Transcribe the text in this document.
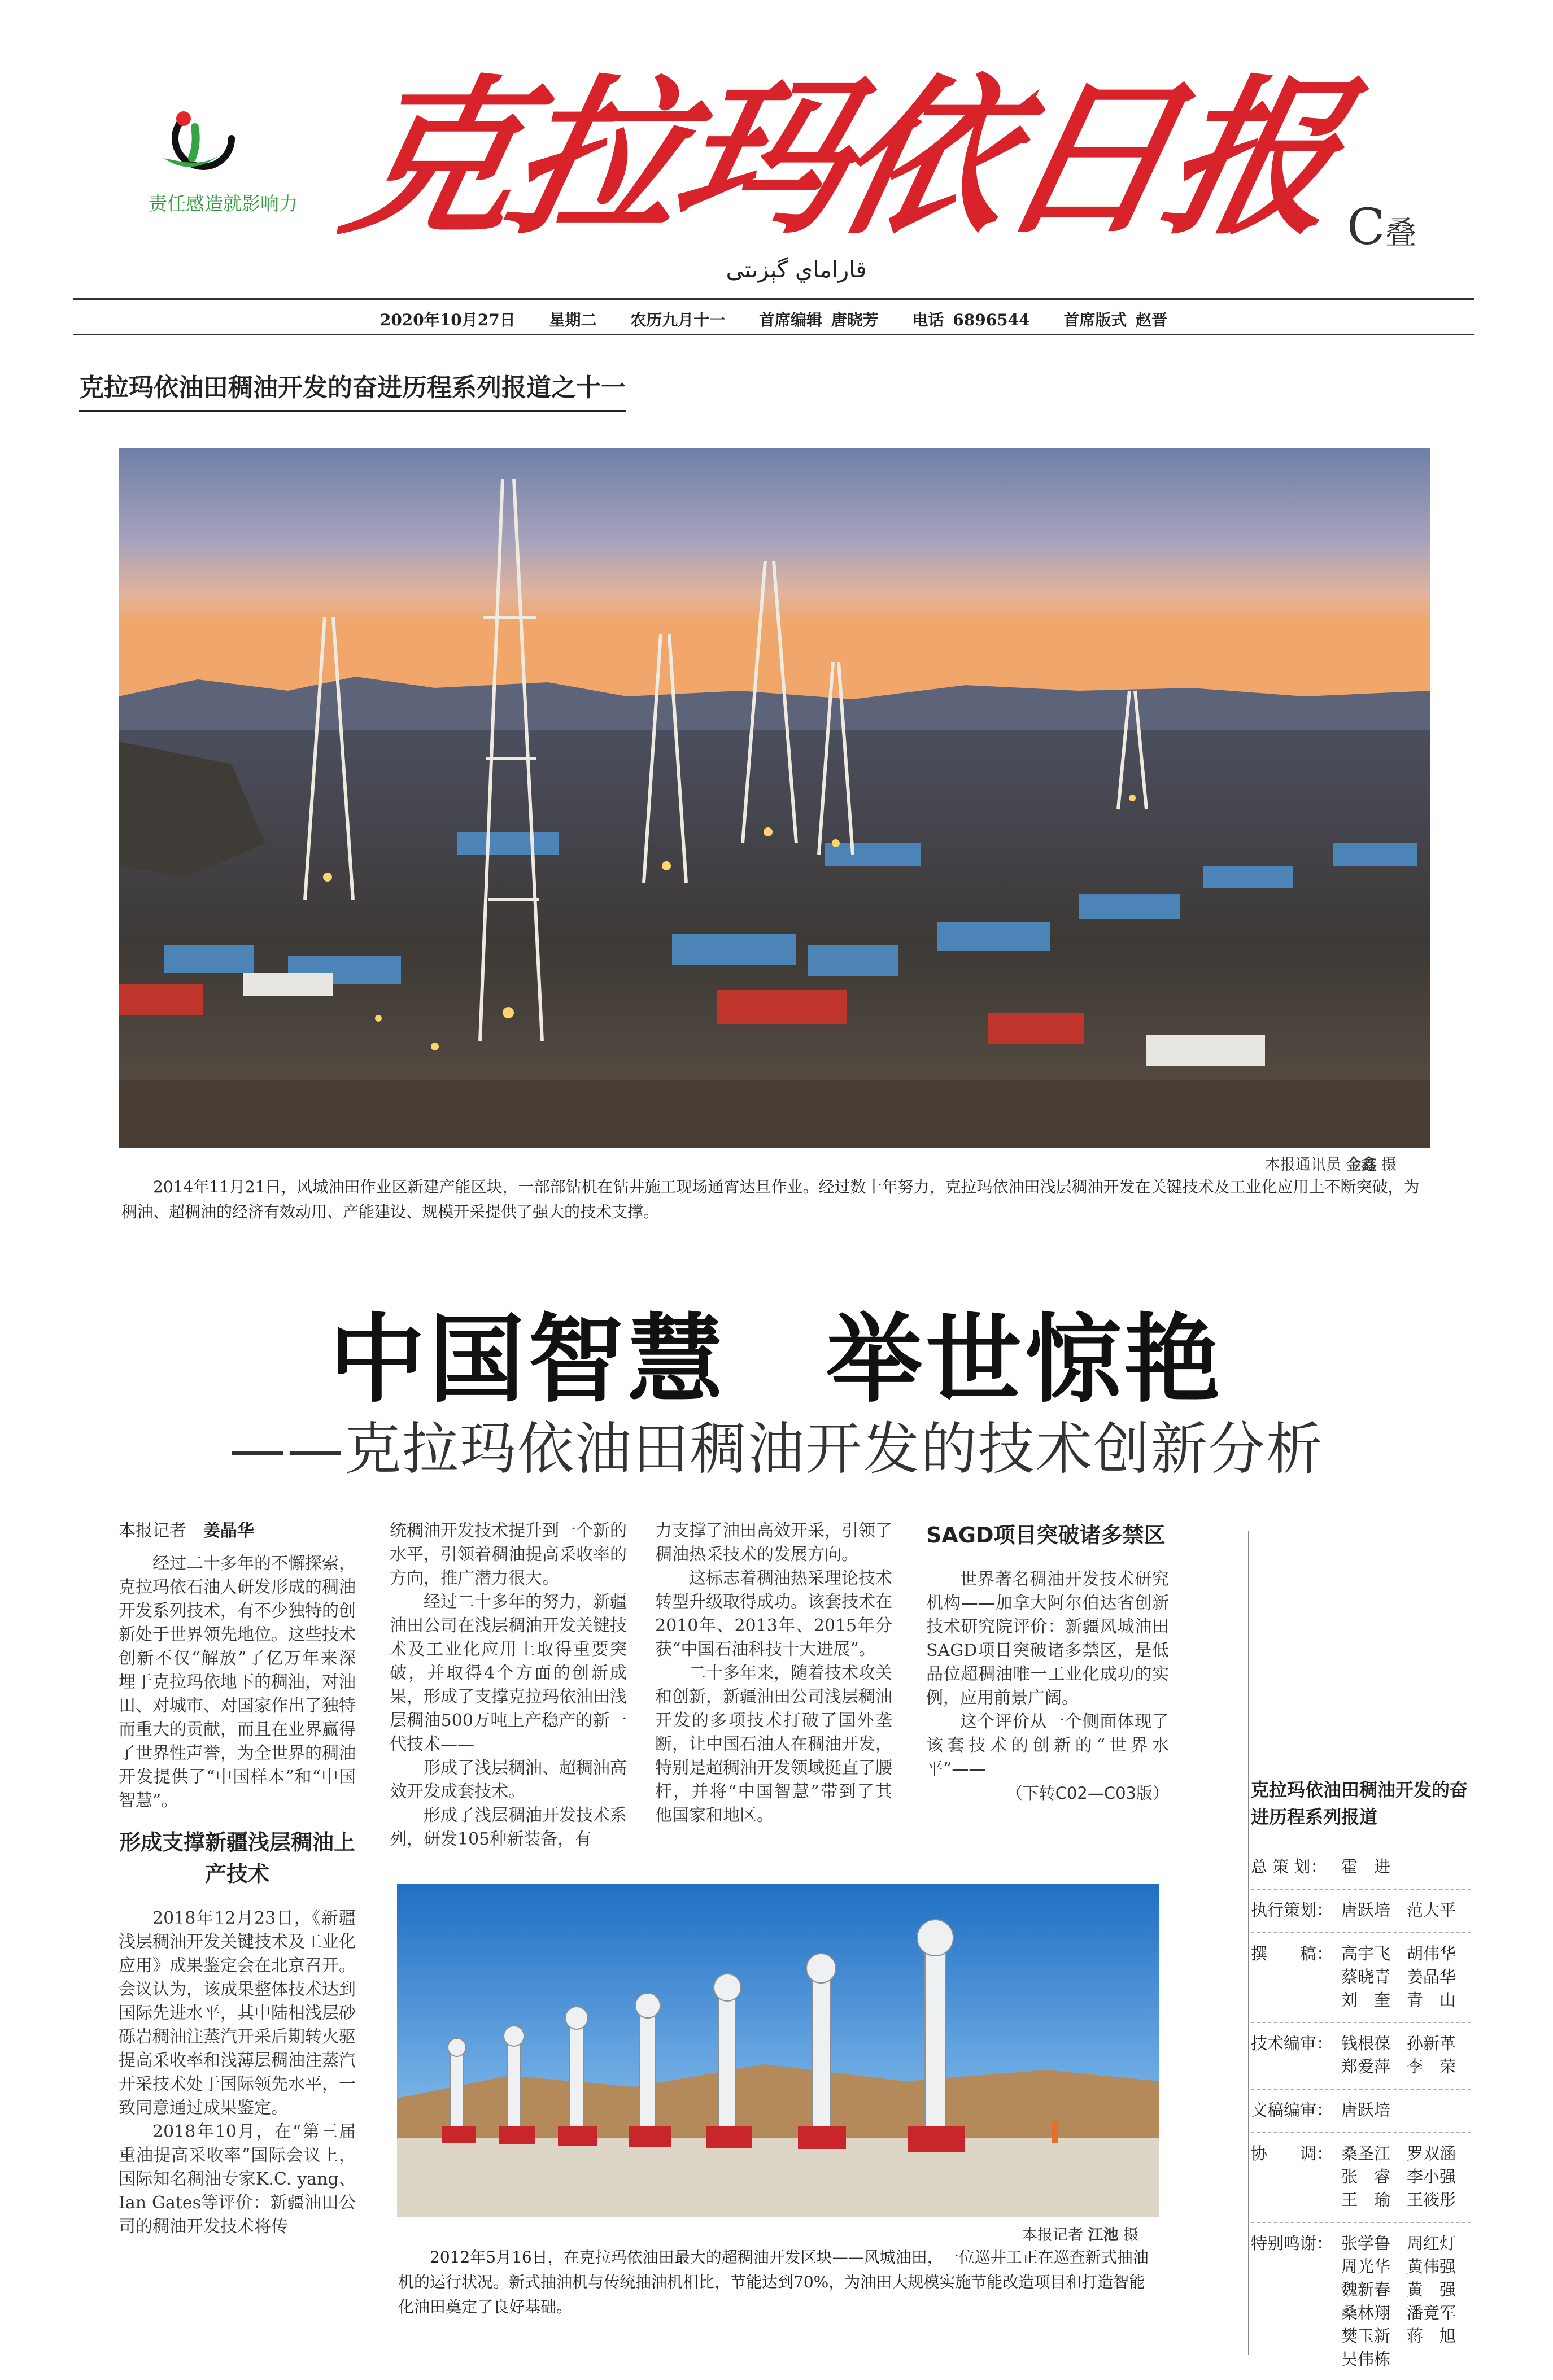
责任感造就影响力 克拉玛依日报
قاراماي گېزىتى
C叠
2020年10月27日 星期二 农历九月十一 首席编辑 唐晓芳 电话 6896544 首席版式 赵晋
克拉玛依油田稠油开发的奋进历程系列报道之十一
本报通讯员 金鑫 摄
2014年11月21日，风城油田作业区新建产能区块，一部部钻机在钻井施工现场通宵达旦作业。经过数十年努力，克拉玛依油田浅层稠油开发在关键技术及工业化应用上不断突破，为稠油、超稠油的经济有效动用、产能建设、规模开采提供了强大的技术支撑。
中国智慧　举世惊艳
——克拉玛依油田稠油开发的技术创新分析
本报记者　 姜晶华

经过二十多年的不懈探索，克拉玛依石油人研发形成的稠油开发系列技术，有不少独特的创新处于世界领先地位。这些技术创新不仅“解放”了亿万年来深埋于克拉玛依地下的稠油，对油田、对城市、对国家作出了独特而重大的贡献，而且在业界赢得了世界性声誉，为全世界的稠油开发提供了“中国样本”和“中国智慧”。

形成支撑新疆浅层稠油上产技术

2018年12月23日，《新疆浅层稠油开发关键技术及工业化应用》成果鉴定会在北京召开。会议认为，该成果整体技术达到国际先进水平，其中陆相浅层砂砾岩稠油注蒸汽开采后期转火驱提高采收率和浅薄层稠油注蒸汽开采技术处于国际领先水平，一致同意通过成果鉴定。

2018年10月，在“第三届重油提高采收率”国际会议上，国际知名稠油专家K.C. yang、Ian Gates等评价：新疆油田公司的稠油开发技术将传

统稠油开发技术提升到一个新的水平，引领着稠油提高采收率的方向，推广潜力很大。

经过二十多年的努力，新疆油田公司在浅层稠油开发关键技术及工业化应用上取得重要突破，并取得4个方面的创新成果，形成了支撑克拉玛依油田浅层稠油500万吨上产稳产的新一代技术——

形成了浅层稠油、超稠油高效开发成套技术。

形成了浅层稠油开发技术系列，研发105种新装备，有

力支撑了油田高效开采，引领了稠油热采技术的发展方向。

这标志着稠油热采理论技术转型升级取得成功。该套技术在2010年、2013年、2015年分获“中国石油科技十大进展”。

二十多年来，随着技术攻关和创新，新疆油田公司浅层稠油开发的多项技术打破了国外垄断，让中国石油人在稠油开发，特别是超稠油开发领域挺直了腰杆，并将“中国智慧”带到了其他国家和地区。

SAGD项目突破诸多禁区

世界著名稠油开发技术研究机构——加拿大阿尔伯达省创新技术研究院评价：新疆风城油田SAGD项目突破诸多禁区，是低品位超稠油唯一工业化成功的实例，应用前景广阔。

这个评价从一个侧面体现了该套技术的创新的“世界水平”——

（下转C02—C03版）
本报记者 江池 摄
2012年5月16日，在克拉玛依油田最大的超稠油开发区块——风城油田，一位巡井工正在巡查新式抽油机的运行状况。新式抽油机与传统抽油机相比，节能达到70%，为油田大规模实施节能改造项目和打造智能化油田奠定了良好基础。
克拉玛依油田稠油开发的奋进历程系列报道
总 策 划： 霍　进
执行策划： 唐跃培　范大平
撰　　稿： 高宇飞　胡伟华
蔡晓青　姜晶华
刘　奎　青　山
技术编审： 钱根葆　孙新革
郑爱萍　李　荣
文稿编审： 唐跃培
协　　调： 桑圣江　罗双涵
张　睿　李小强
王　瑜　王筱彤
特别鸣谢： 张学鲁　周红灯
周光华　黄伟强
魏新春　黄　强
桑林翔　潘竟军
樊玉新　蒋　旭
吴伟栋
